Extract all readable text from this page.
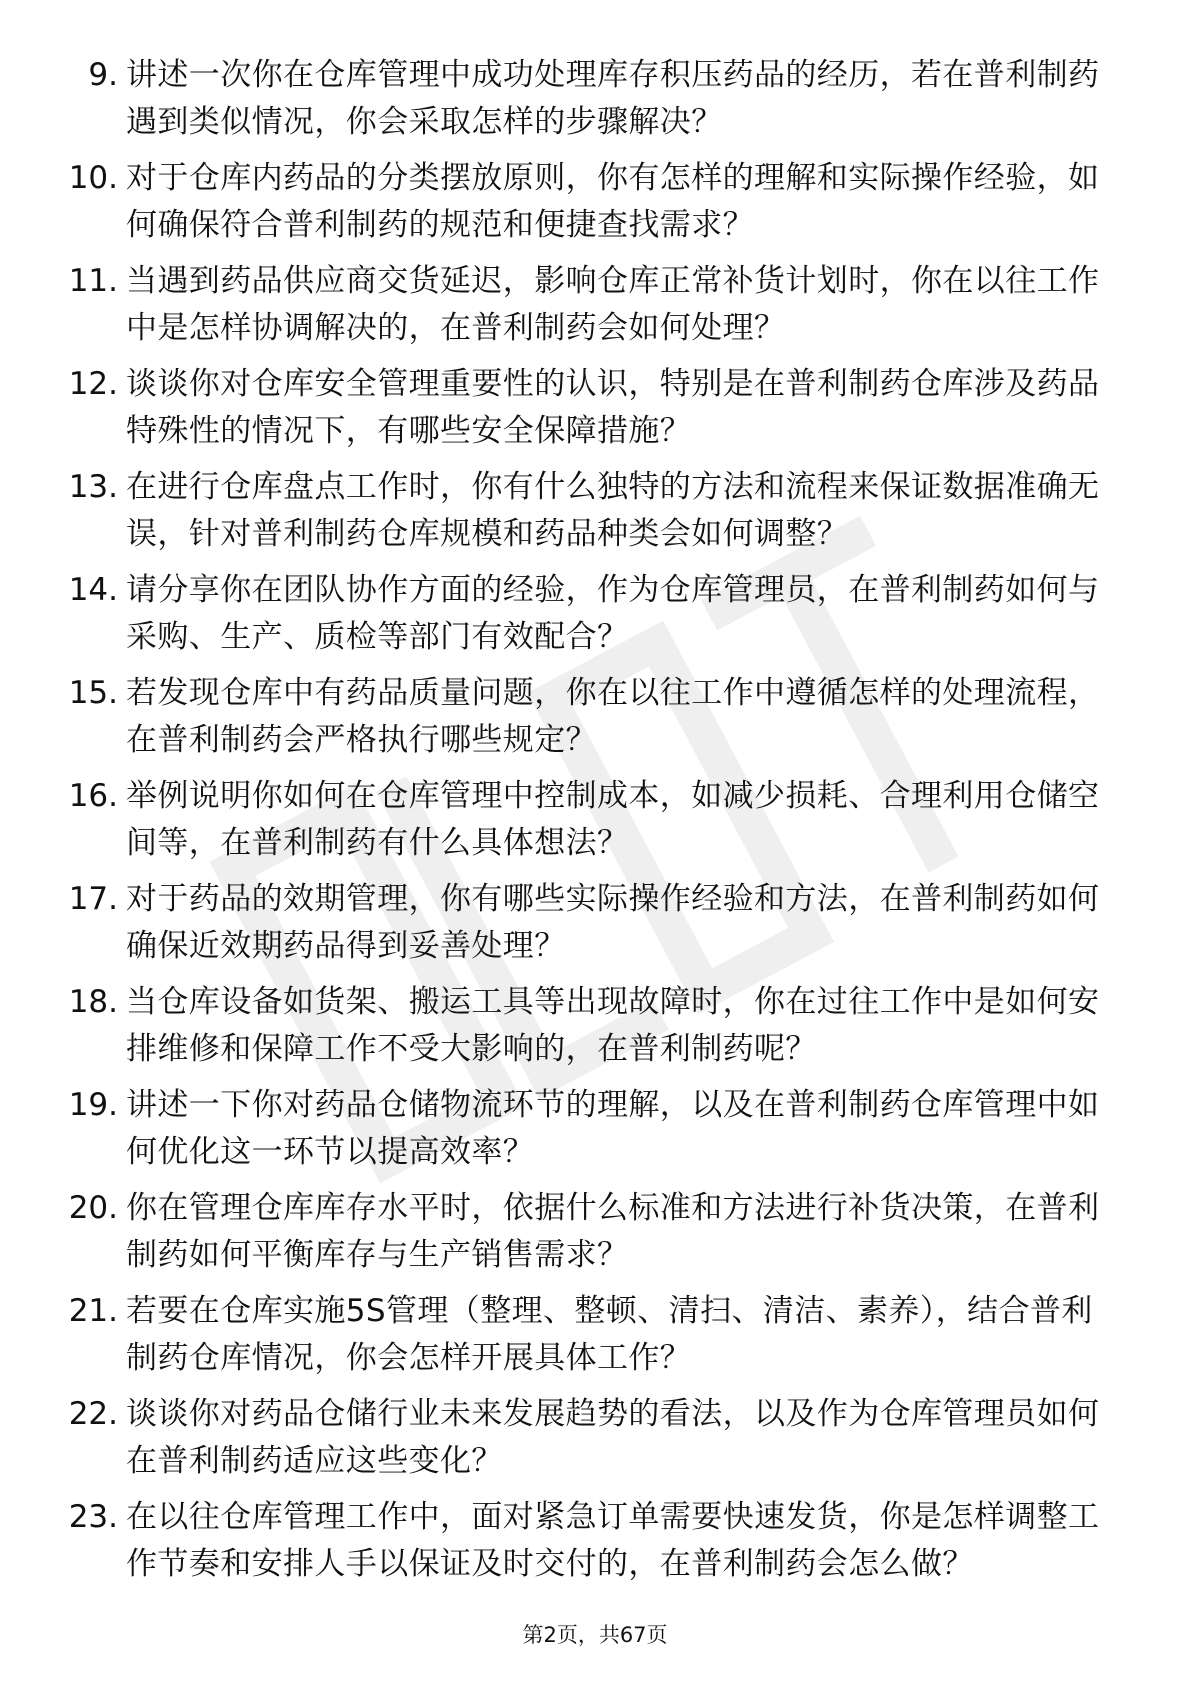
9. 讲述一次你在仓库管理中成功处理库存积压药品的经历，若在普利制药遇到类似情况，你会采取怎样的步骤解决？
10. 对于仓库内药品的分类摆放原则，你有怎样的理解和实际操作经验，如何确保符合普利制药的规范和便捷查找需求？
11. 当遇到药品供应商交货延迟，影响仓库正常补货计划时，你在以往工作中是怎样协调解决的，在普利制药会如何处理？
12. 谈谈你对仓库安全管理重要性的认识，特别是在普利制药仓库涉及药品特殊性的情况下，有哪些安全保障措施？
13. 在进行仓库盘点工作时，你有什么独特的方法和流程来保证数据准确无误，针对普利制药仓库规模和药品种类会如何调整？
14. 请分享你在团队协作方面的经验，作为仓库管理员，在普利制药如何与采购、生产、质检等部门有效配合？
15. 若发现仓库中有药品质量问题，你在以往工作中遵循怎样的处理流程，在普利制药会严格执行哪些规定？
16. 举例说明你如何在仓库管理中控制成本，如减少损耗、合理利用仓储空间等，在普利制药有什么具体想法？
17. 对于药品的效期管理，你有哪些实际操作经验和方法，在普利制药如何确保近效期药品得到妥善处理？
18. 当仓库设备如货架、搬运工具等出现故障时，你在过往工作中是如何安排维修和保障工作不受大影响的，在普利制药呢？
19. 讲述一下你对药品仓储物流环节的理解，以及在普利制药仓库管理中如何优化这一环节以提高效率？
20. 你在管理仓库库存水平时，依据什么标准和方法进行补货决策，在普利制药如何平衡库存与生产销售需求？
21. 若要在仓库实施5S管理（整理、整顿、清扫、清洁、素养），结合普利制药仓库情况，你会怎样开展具体工作？
22. 谈谈你对药品仓储行业未来发展趋势的看法，以及作为仓库管理员如何在普利制药适应这些变化？
23. 在以往仓库管理工作中，面对紧急订单需要快速发货，你是怎样调整工作节奏和安排人手以保证及时交付的，在普利制药会怎么做？
第2页，共67页
